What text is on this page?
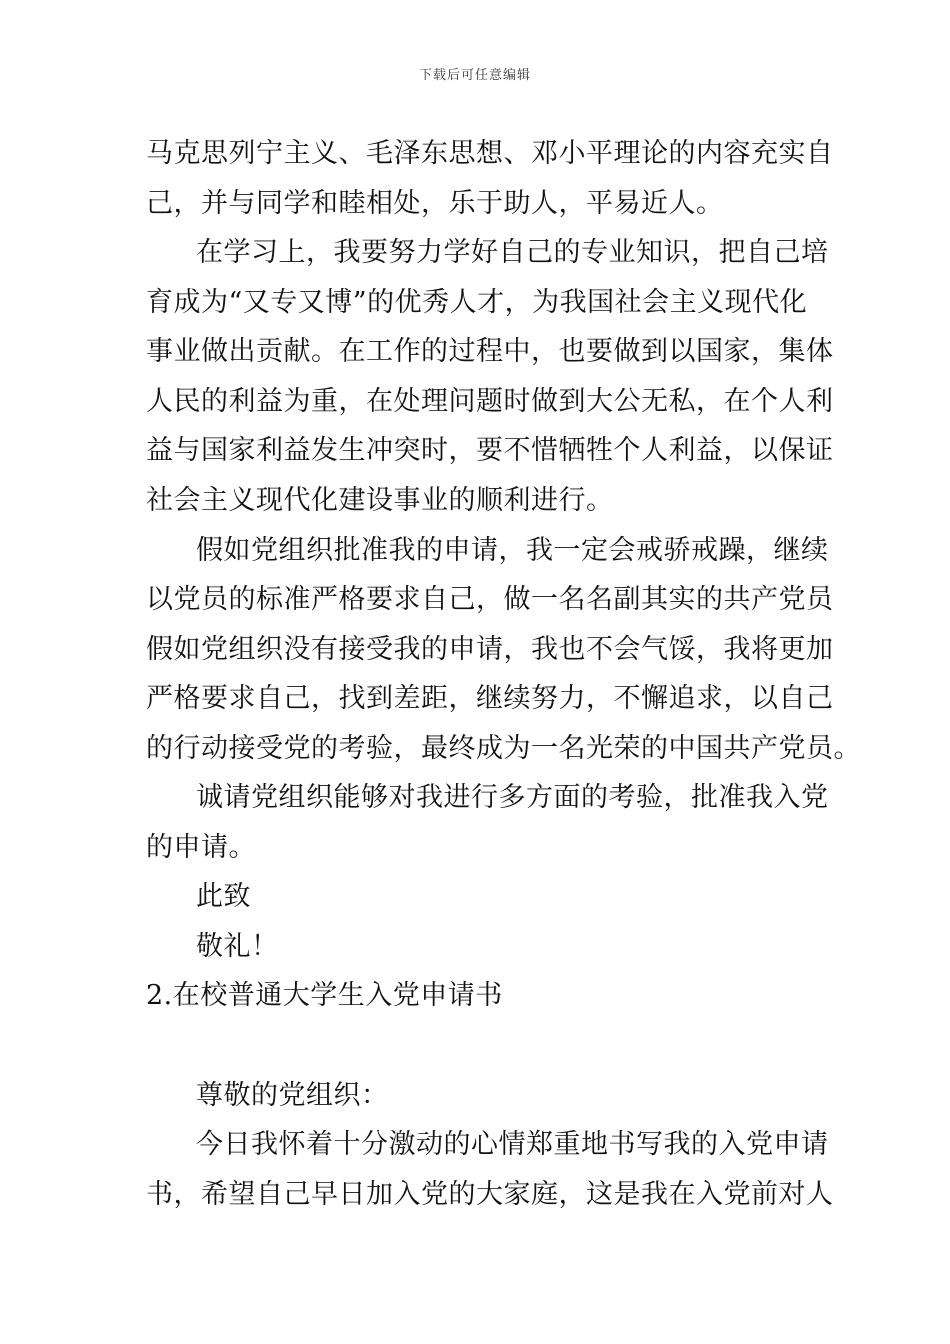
下载后可任意编辑
马克思列宁主义、毛泽东思想、邓小平理论的内容充实自
己，并与同学和睦相处，乐于助人，平易近人。
在学习上，我要努力学好自己的专业知识，把自己培
育成为“又专又博”的优秀人才，为我国社会主义现代化
事业做出贡献。在工作的过程中，也要做到以国家，集体
人民的利益为重，在处理问题时做到大公无私，在个人利
益与国家利益发生冲突时，要不惜牺牲个人利益，以保证
社会主义现代化建设事业的顺利进行。
假如党组织批准我的申请，我一定会戒骄戒躁，继续
以党员的标准严格要求自己，做一名名副其实的共产党员
假如党组织没有接受我的申请，我也不会气馁，我将更加
严格要求自己，找到差距，继续努力，不懈追求，以自己
的行动接受党的考验，最终成为一名光荣的中国共产党员。
诚请党组织能够对我进行多方面的考验，批准我入党
的申请。
此致
敬礼！
2.在校普通大学生入党申请书
尊敬的党组织：
今日我怀着十分激动的心情郑重地书写我的入党申请
书，希望自己早日加入党的大家庭，这是我在入党前对人
